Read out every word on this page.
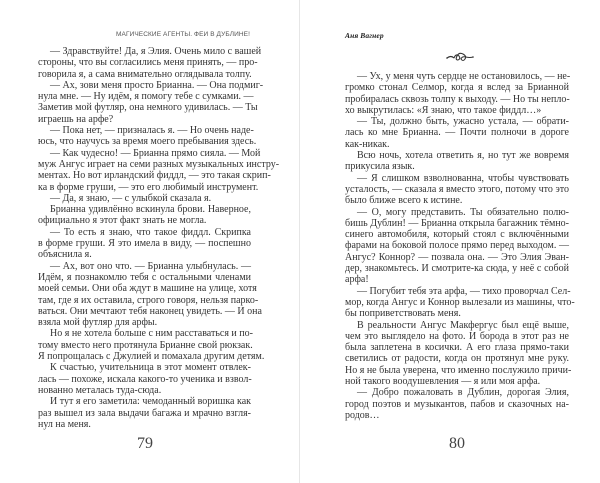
МАГИЧЕСКИЕ АГЕНТЫ. ФЕИ В ДУБЛИНЕ!
— Здравствуйте! Да, я Элия. Очень мило с вашей
стороны, что вы согласились меня принять, — про-
говорила я, а сама внимательно оглядывала толпу.
— Ах, зови меня просто Брианна. — Она подмиг-
нула мне. — Ну идём, я помогу тебе с сумками. —
Заметив мой футляр, она немного удивилась. — Ты
играешь на арфе?
— Пока нет, — призналась я. — Но очень наде-
юсь, что научусь за время моего пребывания здесь.
— Как чудесно! — Брианна прямо сияла. — Мой
муж Ангус играет на семи разных музыкальных инстру-
ментах. Но вот ирландский фиддл, — это такая скрип-
ка в форме груши, — это его любимый инструмент.
— Да, я знаю, — с улыбкой сказала я.
Брианна удивлённо вскинула брови. Наверное,
официально я этот факт знать не могла.
— То есть я знаю, что такое фиддл. Скрипка
в форме груши. Я это имела в виду, — поспешно
объяснила я.
— Ах, вот оно что. — Брианна улыбнулась. —
Идём, я познакомлю тебя с остальными членами
моей семьи. Они оба ждут в машине на улице, хотя
там, где я их оставила, строго говоря, нельзя парко-
ваться. Они мечтают тебя наконец увидеть. — И она
взяла мой футляр для арфы.
Но я не хотела больше с ним расставаться и по-
тому вместо него протянула Брианне свой рюкзак.
Я попрощалась с Джулией и помахала другим детям.
К счастью, учительница в этот момент отвлек-
лась — похоже, искала какого-то ученика и взвол-
нованно металась туда-сюда.
И тут я его заметила: чемоданный воришка как
раз вышел из зала выдачи багажа и мрачно взгля-
нул на меня.
79
Аня Вагнер
— Ух, у меня чуть сердце не остановилось, — не-
громко стонал Селмор, когда я вслед за Брианной
пробиралась сквозь толпу к выходу. — Но ты непло-
хо выкрутилась: «Я знаю, что такое фиддл…»
— Ты, должно быть, ужасно устала, — обрати-
лась ко мне Брианна. — Почти полночи в дороге
как-никак.
Всю ночь, хотела ответить я, но тут же вовремя
прикусила язык.
— Я слишком взволнованна, чтобы чувствовать
усталость, — сказала я вместо этого, потому что это
было ближе всего к истине.
— О, могу представить. Ты обязательно полю-
бишь Дублин! — Брианна открыла багажник тёмно-
синего автомобиля, который стоял с включёнными
фарами на боковой полосе прямо перед выходом. —
Ангус? Коннор? — позвала она. — Это Элия Эван-
дер, знакомьтесь. И смотрите-ка сюда, у неё с собой
арфа!
— Погубит тебя эта арфа, — тихо проворчал Сел-
мор, когда Ангус и Коннор вылезали из машины, что-
бы поприветствовать меня.
В реальности Ангус Макфергус был ещё выше,
чем это выглядело на фото. И борода в этот раз не
была заплетена в косички. А его глаза прямо-таки
светились от радости, когда он протянул мне руку.
Но я не была уверена, что именно послужило причи-
ной такого воодушевления — я или моя арфа.
— Добро пожаловать в Дублин, дорогая Элия,
город поэтов и музыкантов, пабов и сказочных на-
родов…
80
